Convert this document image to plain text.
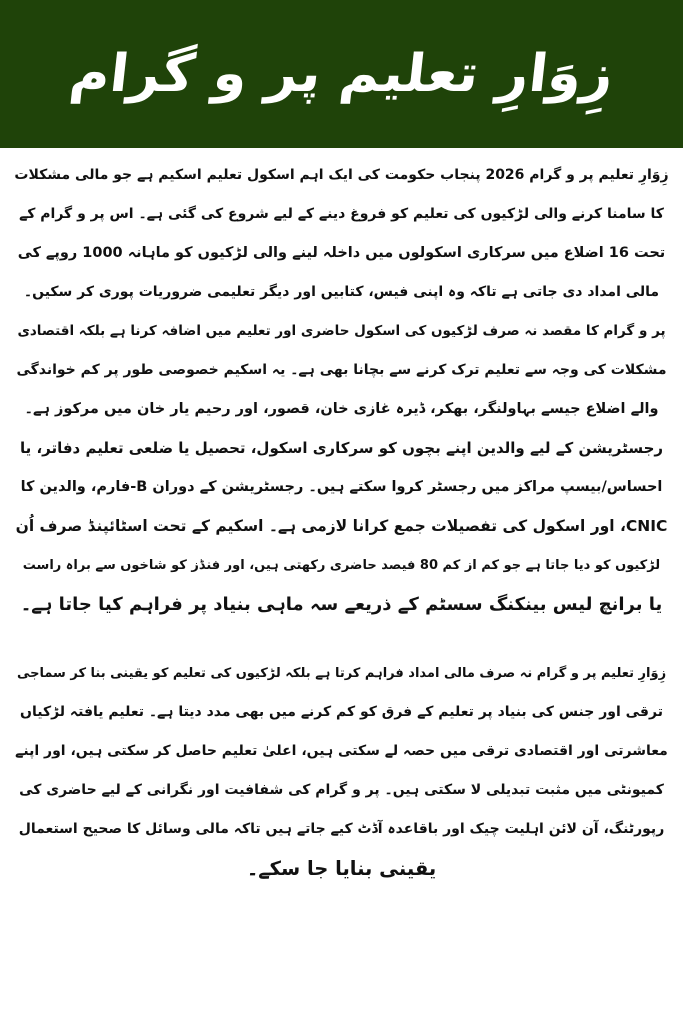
زِوَارِ تعلیم پر و گرام

زِوَارِ تعلیم پر و گرام 2026 پنجاب حکومت کی ایک اہم اسکول تعلیم اسکیم ہے جو مالی مشکلات
کا سامنا کرنے والی لڑکیوں کی تعلیم کو فروغ دینے کے لیے شروع کی گئی ہے۔ اس پر و گرام کے
تحت 16 اضلاع میں سرکاری اسکولوں میں داخلہ لینے والی لڑکیوں کو ماہانہ 1000 روپے کی
مالی امداد دی جاتی ہے تاکہ وہ اپنی فیس، کتابیں اور دیگر تعلیمی ضروریات پوری کر سکیں۔

پر و گرام کا مقصد نہ صرف لڑکیوں کی اسکول حاضری اور تعلیم میں اضافہ کرنا ہے بلکہ اقتصادی
مشکلات کی وجہ سے تعلیم ترک کرنے سے بچانا بھی ہے۔ یہ اسکیم خصوصی طور پر کم خواندگی
والے اضلاع جیسے بہاولنگر، بھکر، ڈیرہ غازی خان، قصور، اور رحیم یار خان میں مرکوز ہے۔

رجسٹریشن کے لیے والدین اپنے بچوں کو سرکاری اسکول، تحصیل یا ضلعی تعلیم دفاتر، یا
احساس/بیسپ مراکز میں رجسٹر کروا سکتے ہیں۔ رجسٹریشن کے دوران B-فارم، والدین کا
CNIC، اور اسکول کی تفصیلات جمع کرانا لازمی ہے۔ اسکیم کے تحت اسٹائپنڈ صرف اُن
لڑکیوں کو دیا جاتا ہے جو کم از کم 80 فیصد حاضری رکھتی ہیں، اور فنڈز کو شاخوں سے براہ راست
یا برانچ لیس بینکنگ سسٹم کے ذریعے سہ ماہی بنیاد پر فراہم کیا جاتا ہے۔

زِوَارِ تعلیم پر و گرام نہ صرف مالی امداد فراہم کرتا ہے بلکہ لڑکیوں کی تعلیم کو یقینی بنا کر سماجی
ترقی اور جنس کی بنیاد پر تعلیم کے فرق کو کم کرنے میں بھی مدد دیتا ہے۔ تعلیم یافتہ لڑکیاں
معاشرتی اور اقتصادی ترقی میں حصہ لے سکتی ہیں، اعلیٰ تعلیم حاصل کر سکتی ہیں، اور اپنے
کمیونٹی میں مثبت تبدیلی لا سکتی ہیں۔ پر و گرام کی شفافیت اور نگرانی کے لیے حاضری کی
رپورٹنگ، آن لائن اہلیت چیک اور باقاعدہ آڈٹ کیے جاتے ہیں تاکہ مالی وسائل کا صحیح استعمال
یقینی بنایا جا سکے۔
